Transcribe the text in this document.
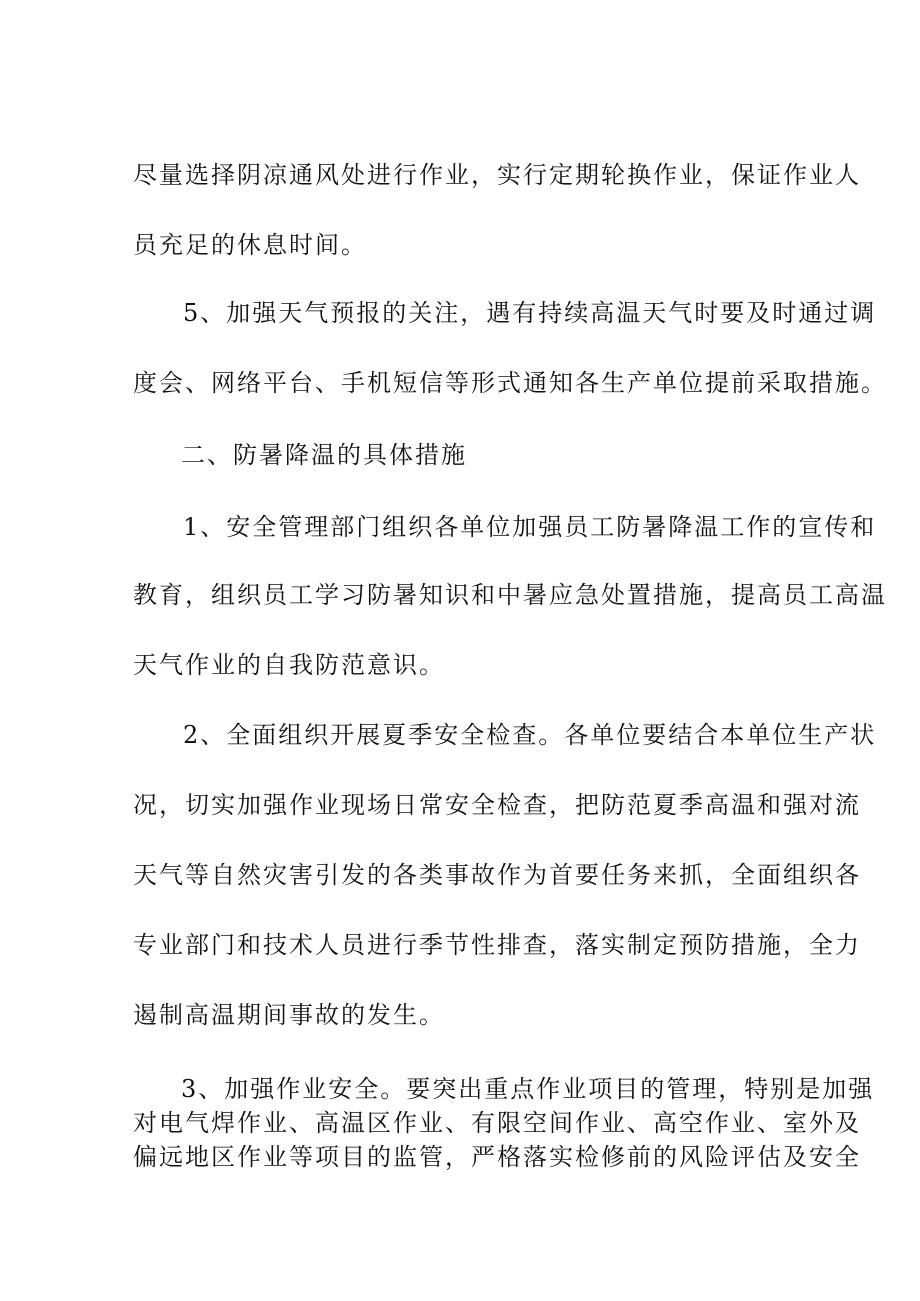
尽量选择阴凉通风处进行作业，实行定期轮换作业，保证作业人
员充足的休息时间。
5、加强天气预报的关注，遇有持续高温天气时要及时通过调
度会、网络平台、手机短信等形式通知各生产单位提前采取措施。
二、防暑降温的具体措施
1、安全管理部门组织各单位加强员工防暑降温工作的宣传和
教育，组织员工学习防暑知识和中暑应急处置措施，提高员工高温
天气作业的自我防范意识。
2、全面组织开展夏季安全检查。各单位要结合本单位生产状
况，切实加强作业现场日常安全检查，把防范夏季高温和强对流
天气等自然灾害引发的各类事故作为首要任务来抓，全面组织各
专业部门和技术人员进行季节性排查，落实制定预防措施，全力
遏制高温期间事故的发生。
3、加强作业安全。要突出重点作业项目的管理，特别是加强
对电气焊作业、高温区作业、有限空间作业、高空作业、室外及
偏远地区作业等项目的监管，严格落实检修前的风险评估及安全
